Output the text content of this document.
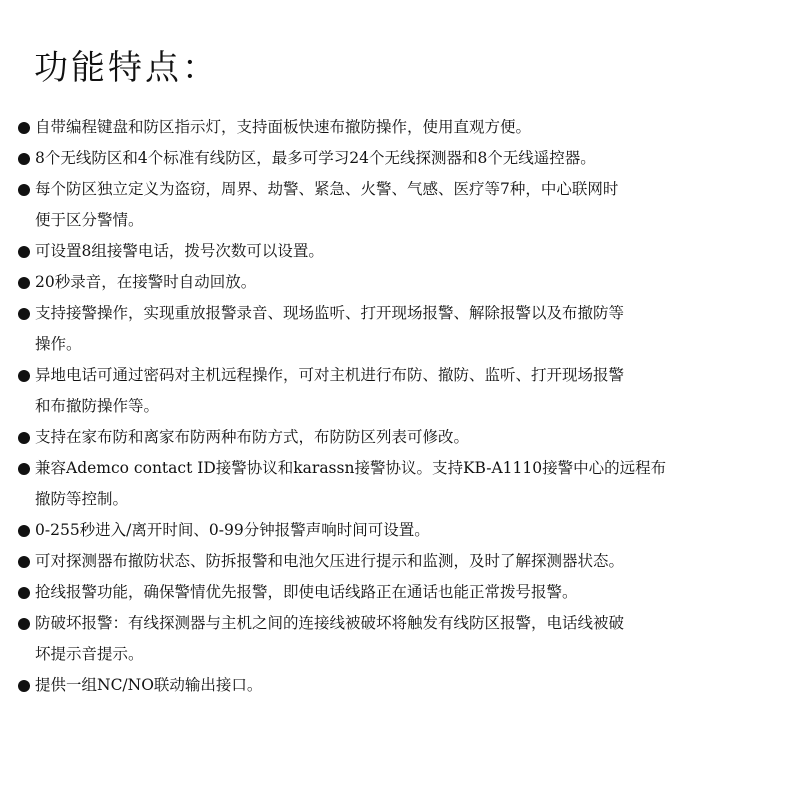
功能特点：
自带编程键盘和防区指示灯，支持面板快速布撤防操作，使用直观方便。
8个无线防区和4个标准有线防区，最多可学习24个无线探测器和8个无线遥控器。
每个防区独立定义为盗窃，周界、劫警、紧急、火警、气感、医疗等7种，中心联网时
便于区分警情。
可设置8组接警电话，拨号次数可以设置。
20秒录音，在接警时自动回放。
支持接警操作，实现重放报警录音、现场监听、打开现场报警、解除报警以及布撤防等
操作。
异地电话可通过密码对主机远程操作，可对主机进行布防、撤防、监听、打开现场报警
和布撤防操作等。
支持在家布防和离家布防两种布防方式，布防防区列表可修改。
兼容Ademco contact ID接警协议和karassn接警协议。支持KB-A1110接警中心的远程布
撤防等控制。
0-255秒进入/离开时间、0-99分钟报警声响时间可设置。
可对探测器布撤防状态、防拆报警和电池欠压进行提示和监测，及时了解探测器状态。
抢线报警功能，确保警情优先报警，即使电话线路正在通话也能正常拨号报警。
防破坏报警：有线探测器与主机之间的连接线被破坏将触发有线防区报警，电话线被破
坏提示音提示。
提供一组NC/NO联动输出接口。
